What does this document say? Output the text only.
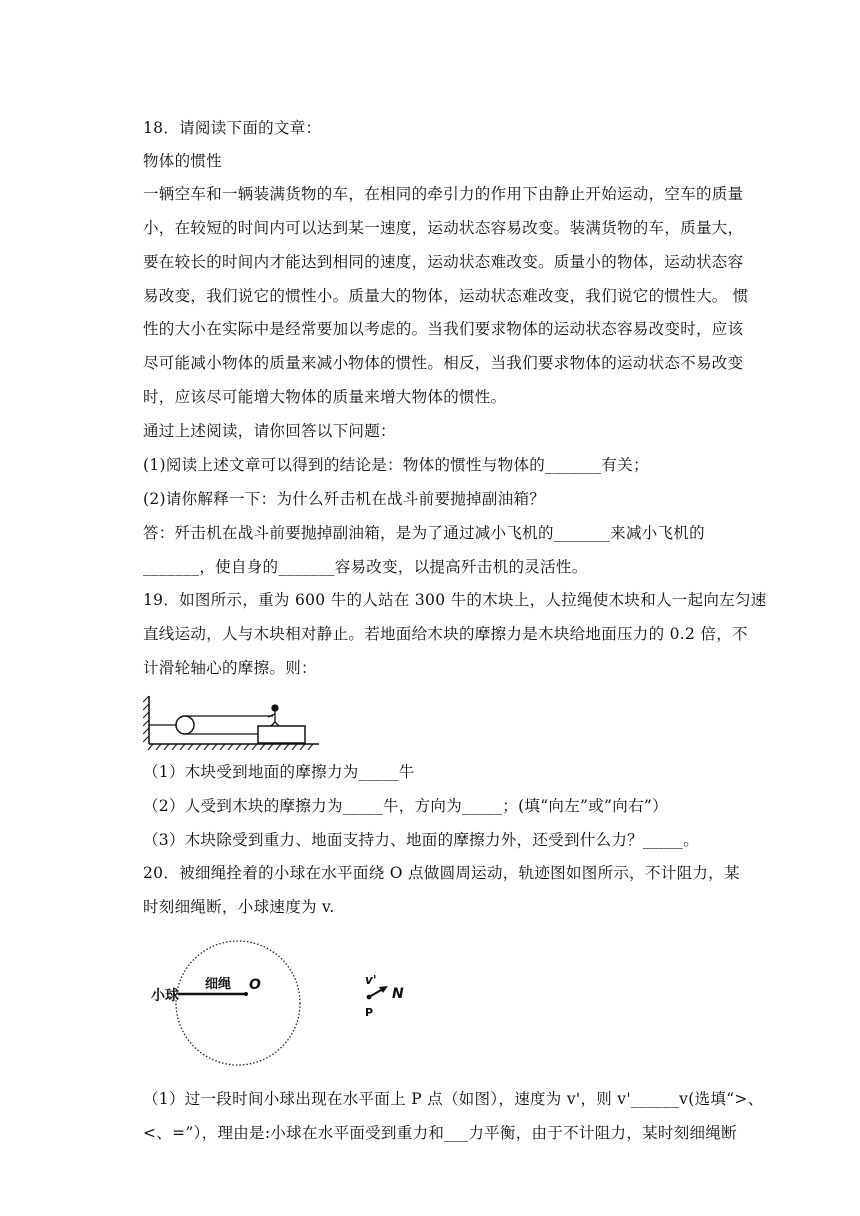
18．请阅读下面的文章：
物体的惯性
一辆空车和一辆装满货物的车，在相同的牵引力的作用下由静止开始运动，空车的质量
小，在较短的时间内可以达到某一速度，运动状态容易改变。装满货物的车，质量大，
要在较长的时间内才能达到相同的速度，运动状态难改变。质量小的物体，运动状态容
易改变，我们说它的惯性小。质量大的物体，运动状态难改变，我们说它的惯性大。 惯
性的大小在实际中是经常要加以考虑的。当我们要求物体的运动状态容易改变时，应该
尽可能减小物体的质量来减小物体的惯性。相反，当我们要求物体的运动状态不易改变
时，应该尽可能增大物体的质量来增大物体的惯性。
通过上述阅读，请你回答以下问题：
(1)阅读上述文章可以得到的结论是：物体的惯性与物体的_______有关；
(2)请你解释一下：为什么歼击机在战斗前要抛掉副油箱？
答：歼击机在战斗前要抛掉副油箱，是为了通过减小飞机的_______来减小飞机的
_______，使自身的_______容易改变，以提高歼击机的灵活性。
19．如图所示，重为 600 牛的人站在 300 牛的木块上，人拉绳使木块和人一起向左匀速
直线运动，人与木块相对静止。若地面给木块的摩擦力是木块给地面压力的 0.2 倍，不
计滑轮轴心的摩擦。则：
（1）木块受到地面的摩擦力为_____牛
（2）人受到木块的摩擦力为_____牛，方向为_____；(填“向左”或”向右”）
（3）木块除受到重力、地面支持力、地面的摩擦力外，还受到什么力？_____。
20．被细绳拴着的小球在水平面绕 O 点做圆周运动，轨迹图如图所示，不计阻力，某
时刻细绳断，小球速度为 v.
小球
细绳 O	v'
N
P
（1）过一段时间小球出现在水平面上 P 点（如图），速度为 v'，则 v'______v(选填“>、
<、=”），理由是:小球在水平面受到重力和___力平衡，由于不计阻力，某时刻细绳断
